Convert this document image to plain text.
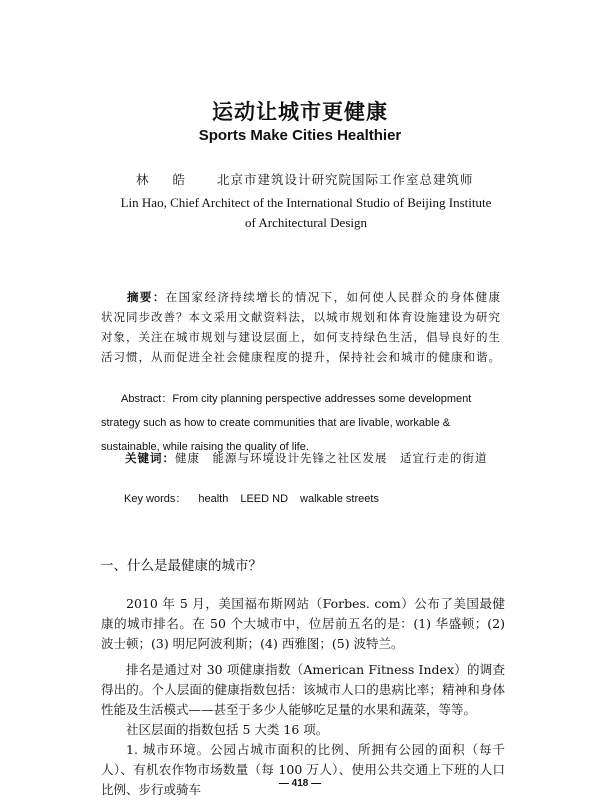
运动让城市更健康
Sports Make Cities Healthier
林 皓 北京市建筑设计研究院国际工作室总建筑师
Lin Hao, Chief Architect of the International Studio of Beijing Institute
of Architectural Design
摘要：在国家经济持续增长的情况下，如何使人民群众的身体健康状况同步改善？本文采用文献资料法，以城市规划和体育设施建设为研究对象，关注在城市规划与建设层面上，如何支持绿色生活，倡导良好的生活习惯，从而促进全社会健康程度的提升，保持社会和城市的健康和谐。
Abstract：From city planning perspective addresses some development strategy such as how to create communities that are livable, workable & sustainable, while raising the quality of life.
关键词：健康　能源与环境设计先锋之社区发展　适宜行走的街道
Key words： health LEED ND walkable streets
一、什么是最健康的城市？

2010 年 5 月，美国福布斯网站（Forbes. com）公布了美国最健康的城市排名。在 50 个大城市中，位居前五名的是：(1) 华盛顿；(2) 波士顿；(3) 明尼阿波利斯；(4) 西雅图；(5) 波特兰。

排名是通过对 30 项健康指数（American Fitness Index）的调查得出的。个人层面的健康指数包括：该城市人口的患病比率；精神和身体性能及生活模式——甚至于多少人能够吃足量的水果和蔬菜，等等。

社区层面的指数包括 5 大类 16 项。

1. 城市环境。公园占城市面积的比例、所拥有公园的面积（每千人）、有机农作物市场数量（每 100 万人）、使用公共交通上下班的人口比例、步行或骑车	— 418 —
